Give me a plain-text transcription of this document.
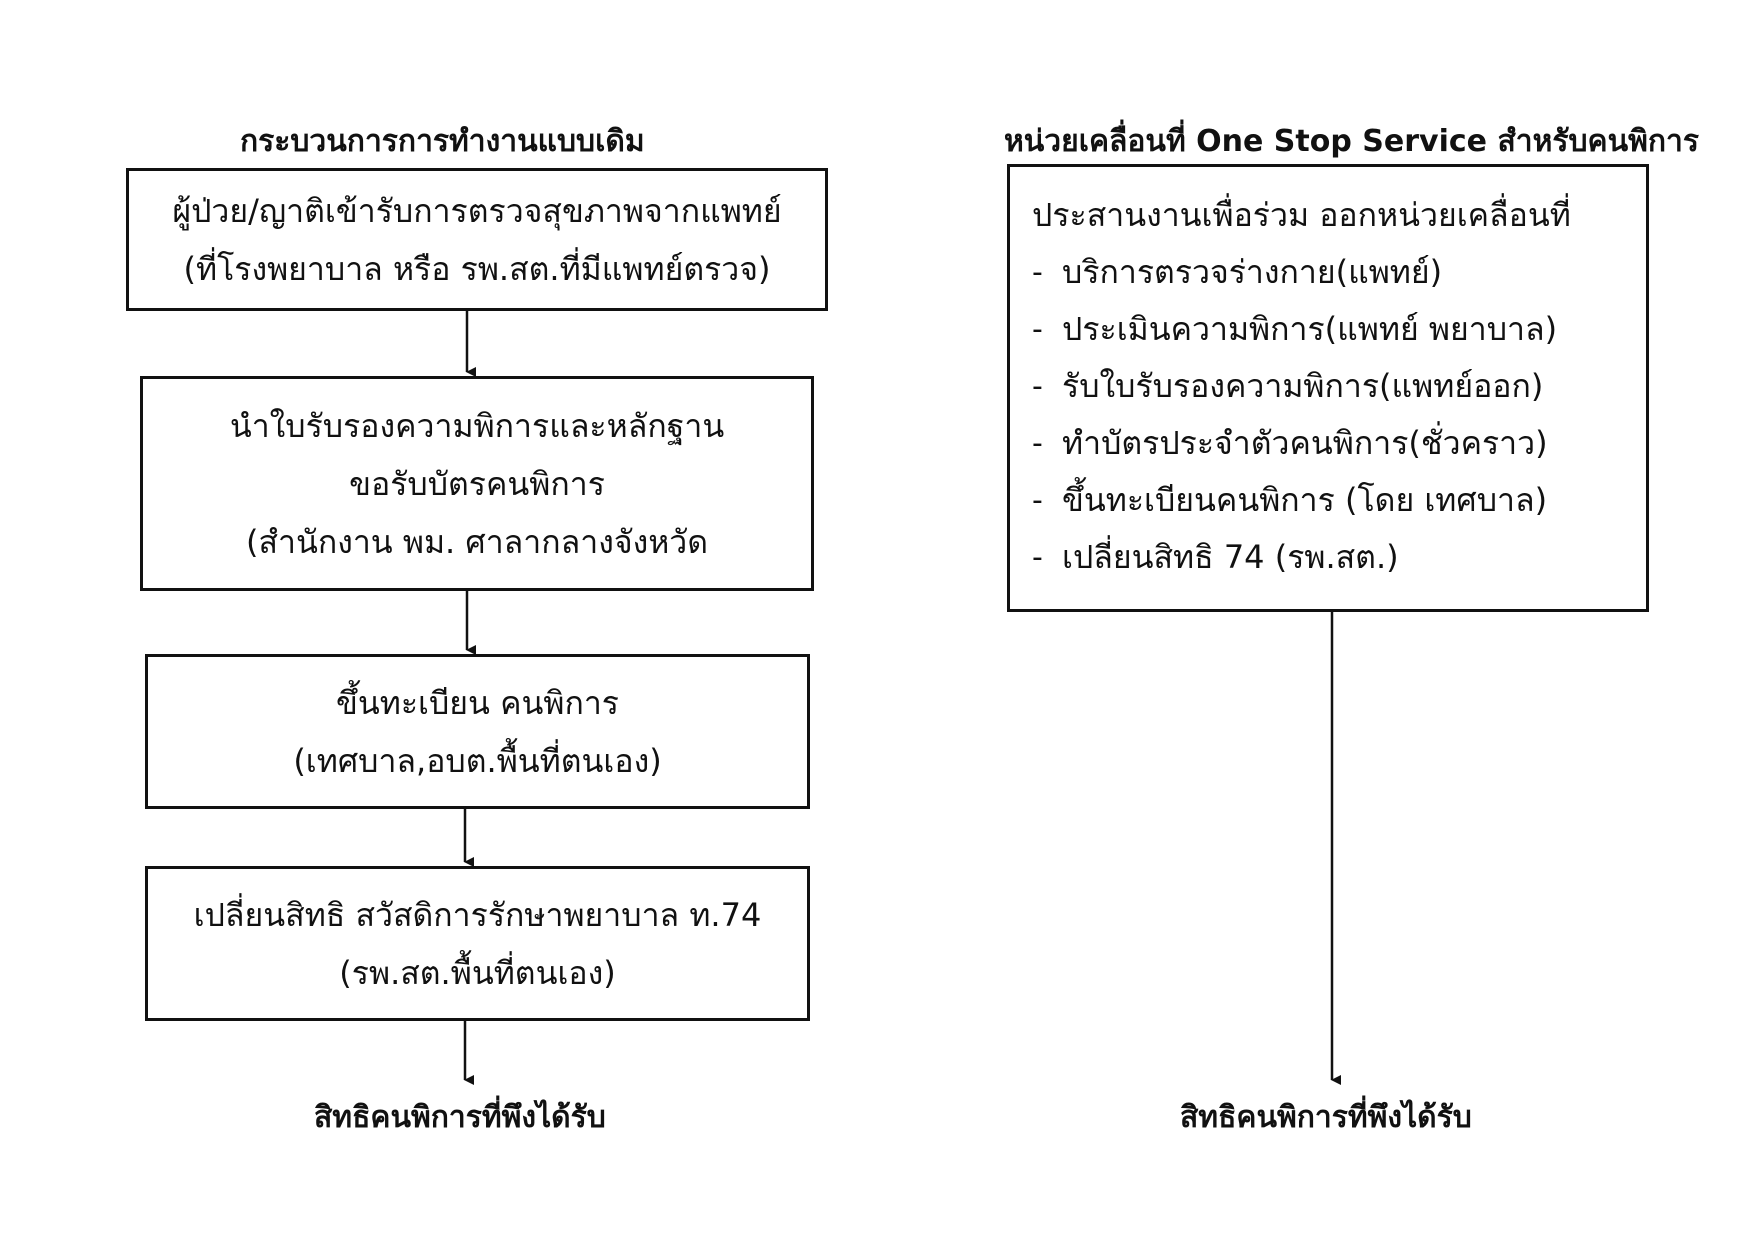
กระบวนการการทำงานแบบเดิม	หน่วยเคลื่อนที่ One Stop Service สำหรับคนพิการ
ผู้ป่วย/ญาติเข้ารับการตรวจสุขภาพจากแพทย์
(ที่โรงพยาบาล หรือ รพ.สต.ที่มีแพทย์ตรวจ)
นำใบรับรองความพิการและหลักฐาน
ขอรับบัตรคนพิการ
(สำนักงาน พม. ศาลากลางจังหวัด
ขึ้นทะเบียน คนพิการ
(เทศบาล,อบต.พื้นที่ตนเอง)
เปลี่ยนสิทธิ สวัสดิการรักษาพยาบาล ท.74
(รพ.สต.พื้นที่ตนเอง)
สิทธิคนพิการที่พึงได้รับ
ประสานงานเพื่อร่วม ออกหน่วยเคลื่อนที่
- บริการตรวจร่างกาย(แพทย์)
- ประเมินความพิการ(แพทย์ พยาบาล)
- รับใบรับรองความพิการ(แพทย์ออก)
- ทำบัตรประจำตัวคนพิการ(ชั่วคราว)
- ขึ้นทะเบียนคนพิการ (โดย เทศบาล)
- เปลี่ยนสิทธิ 74 (รพ.สต.)
สิทธิคนพิการที่พึงได้รับ
